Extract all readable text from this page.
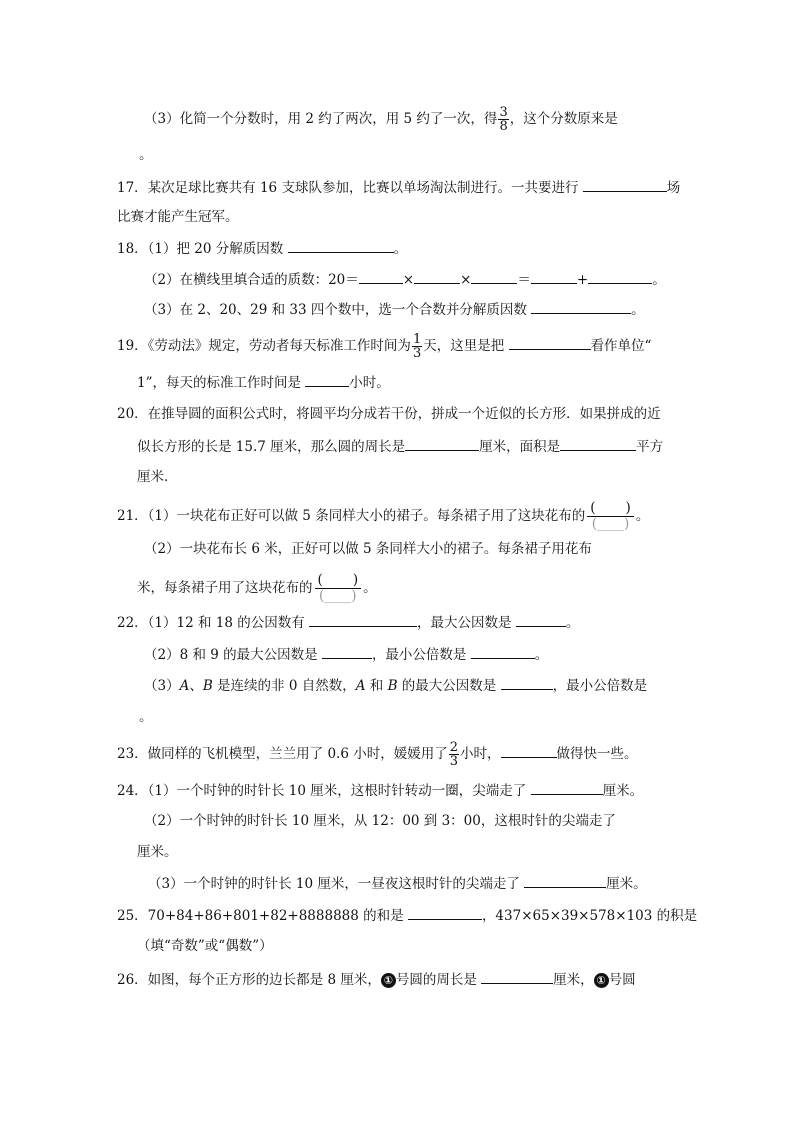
（3）化简一个分数时，用 2 约了两次，用 5 约了一次，得 $\frac{3}{8}$ ，这个分数原来是
。
17．某次足球比赛共有 16 支球队参加，比赛以单场淘汰制进行。一共要进行	场
比赛才能产生冠军。
18．（1）把 20 分解质因数	。
（2）在横线里填合适的质数：20＝	×	×	＝	+	。
（3）在 2、20、29 和 33 四个数中，选一个合数并分解质因数	。
19．《劳动法》规定，劳动者每天标准工作时间为 $\frac{1}{3}$ 天，这里是把	看作单位“
1”，每天的标准工作时间是	小时。
20．在推导圆的面积公式时，将圆平均分成若干份，拼成一个近似的长方形．如果拼成的近
似长方形的长是 15.7 厘米，那么圆的周长是	厘米，面积是	平方
厘米．
21．（1）一块花布正好可以做 5 条同样大小的裙子。每条裙子用了这块花布的 ( )
(____) 。
（2）一块花布长 6 米，正好可以做 5 条同样大小的裙子。每条裙子用花布
米，每条裙子用了这块花布的 ( )
(____) 。
22．（1）12 和 18 的公因数有	，最大公因数是	。
（2）8 和 9 的最大公因数是	，最小公倍数是	。
（3）A、B 是连续的非 0 自然数，A 和 B 的最大公因数是	，最小公倍数是
。
23．做同样的飞机模型，兰兰用了 0.6 小时，媛媛用了 $\frac{2}{3}$ 小时，	做得快一些。
24．（1）一个时钟的时针长 10 厘米，这根时针转动一圈，尖端走了	厘米。
（2）一个时钟的时针长 10 厘米，从 12：00 到 3：00，这根时针的尖端走了
厘米。
（3）一个时钟的时针长 10 厘米，一昼夜这根时针的尖端走了	厘米。
25．70+84+86+801+82+8888888 的和是	，437×65×39×578×103 的积是
（填“奇数”或“偶数”）
26．如图，每个正方形的边长都是 8 厘米， ① 号圆的周长是	厘米， ① 号圆
